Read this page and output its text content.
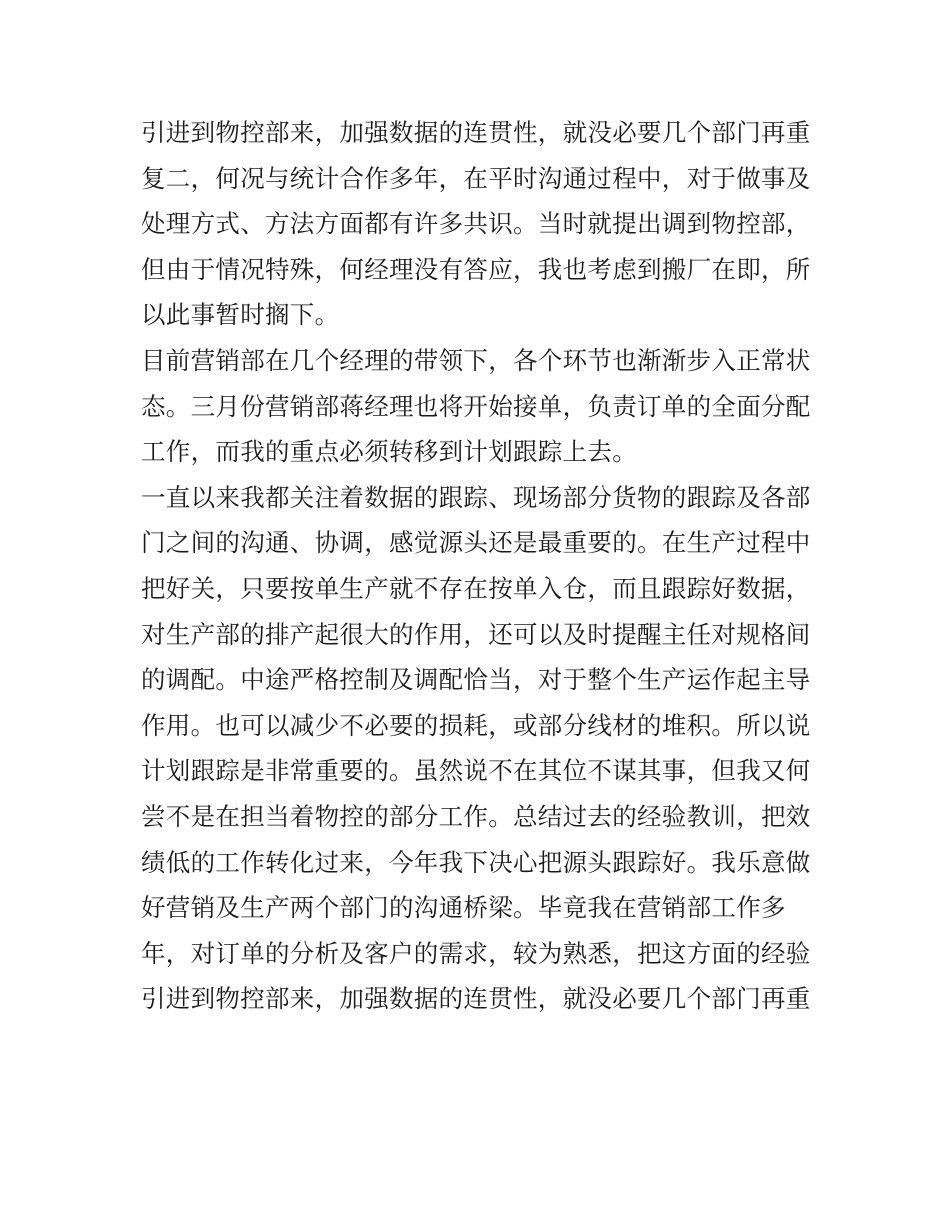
引进到物控部来，加强数据的连贯性，就没必要几个部门再重
复二，何况与统计合作多年，在平时沟通过程中，对于做事及
处理方式、方法方面都有许多共识。当时就提出调到物控部，
但由于情况特殊，何经理没有答应，我也考虑到搬厂在即，所
以此事暂时搁下。
目前营销部在几个经理的带领下，各个环节也渐渐步入正常状
态。三月份营销部蒋经理也将开始接单，负责订单的全面分配
工作，而我的重点必须转移到计划跟踪上去。
一直以来我都关注着数据的跟踪、现场部分货物的跟踪及各部
门之间的沟通、协调，感觉源头还是最重要的。在生产过程中
把好关，只要按单生产就不存在按单入仓，而且跟踪好数据，
对生产部的排产起很大的作用，还可以及时提醒主任对规格间
的调配。中途严格控制及调配恰当，对于整个生产运作起主导
作用。也可以减少不必要的损耗，或部分线材的堆积。所以说
计划跟踪是非常重要的。虽然说不在其位不谋其事，但我又何
尝不是在担当着物控的部分工作。总结过去的经验教训，把效
绩低的工作转化过来，今年我下决心把源头跟踪好。我乐意做
好营销及生产两个部门的沟通桥梁。毕竟我在营销部工作多
年，对订单的分析及客户的需求，较为熟悉，把这方面的经验
引进到物控部来，加强数据的连贯性，就没必要几个部门再重
